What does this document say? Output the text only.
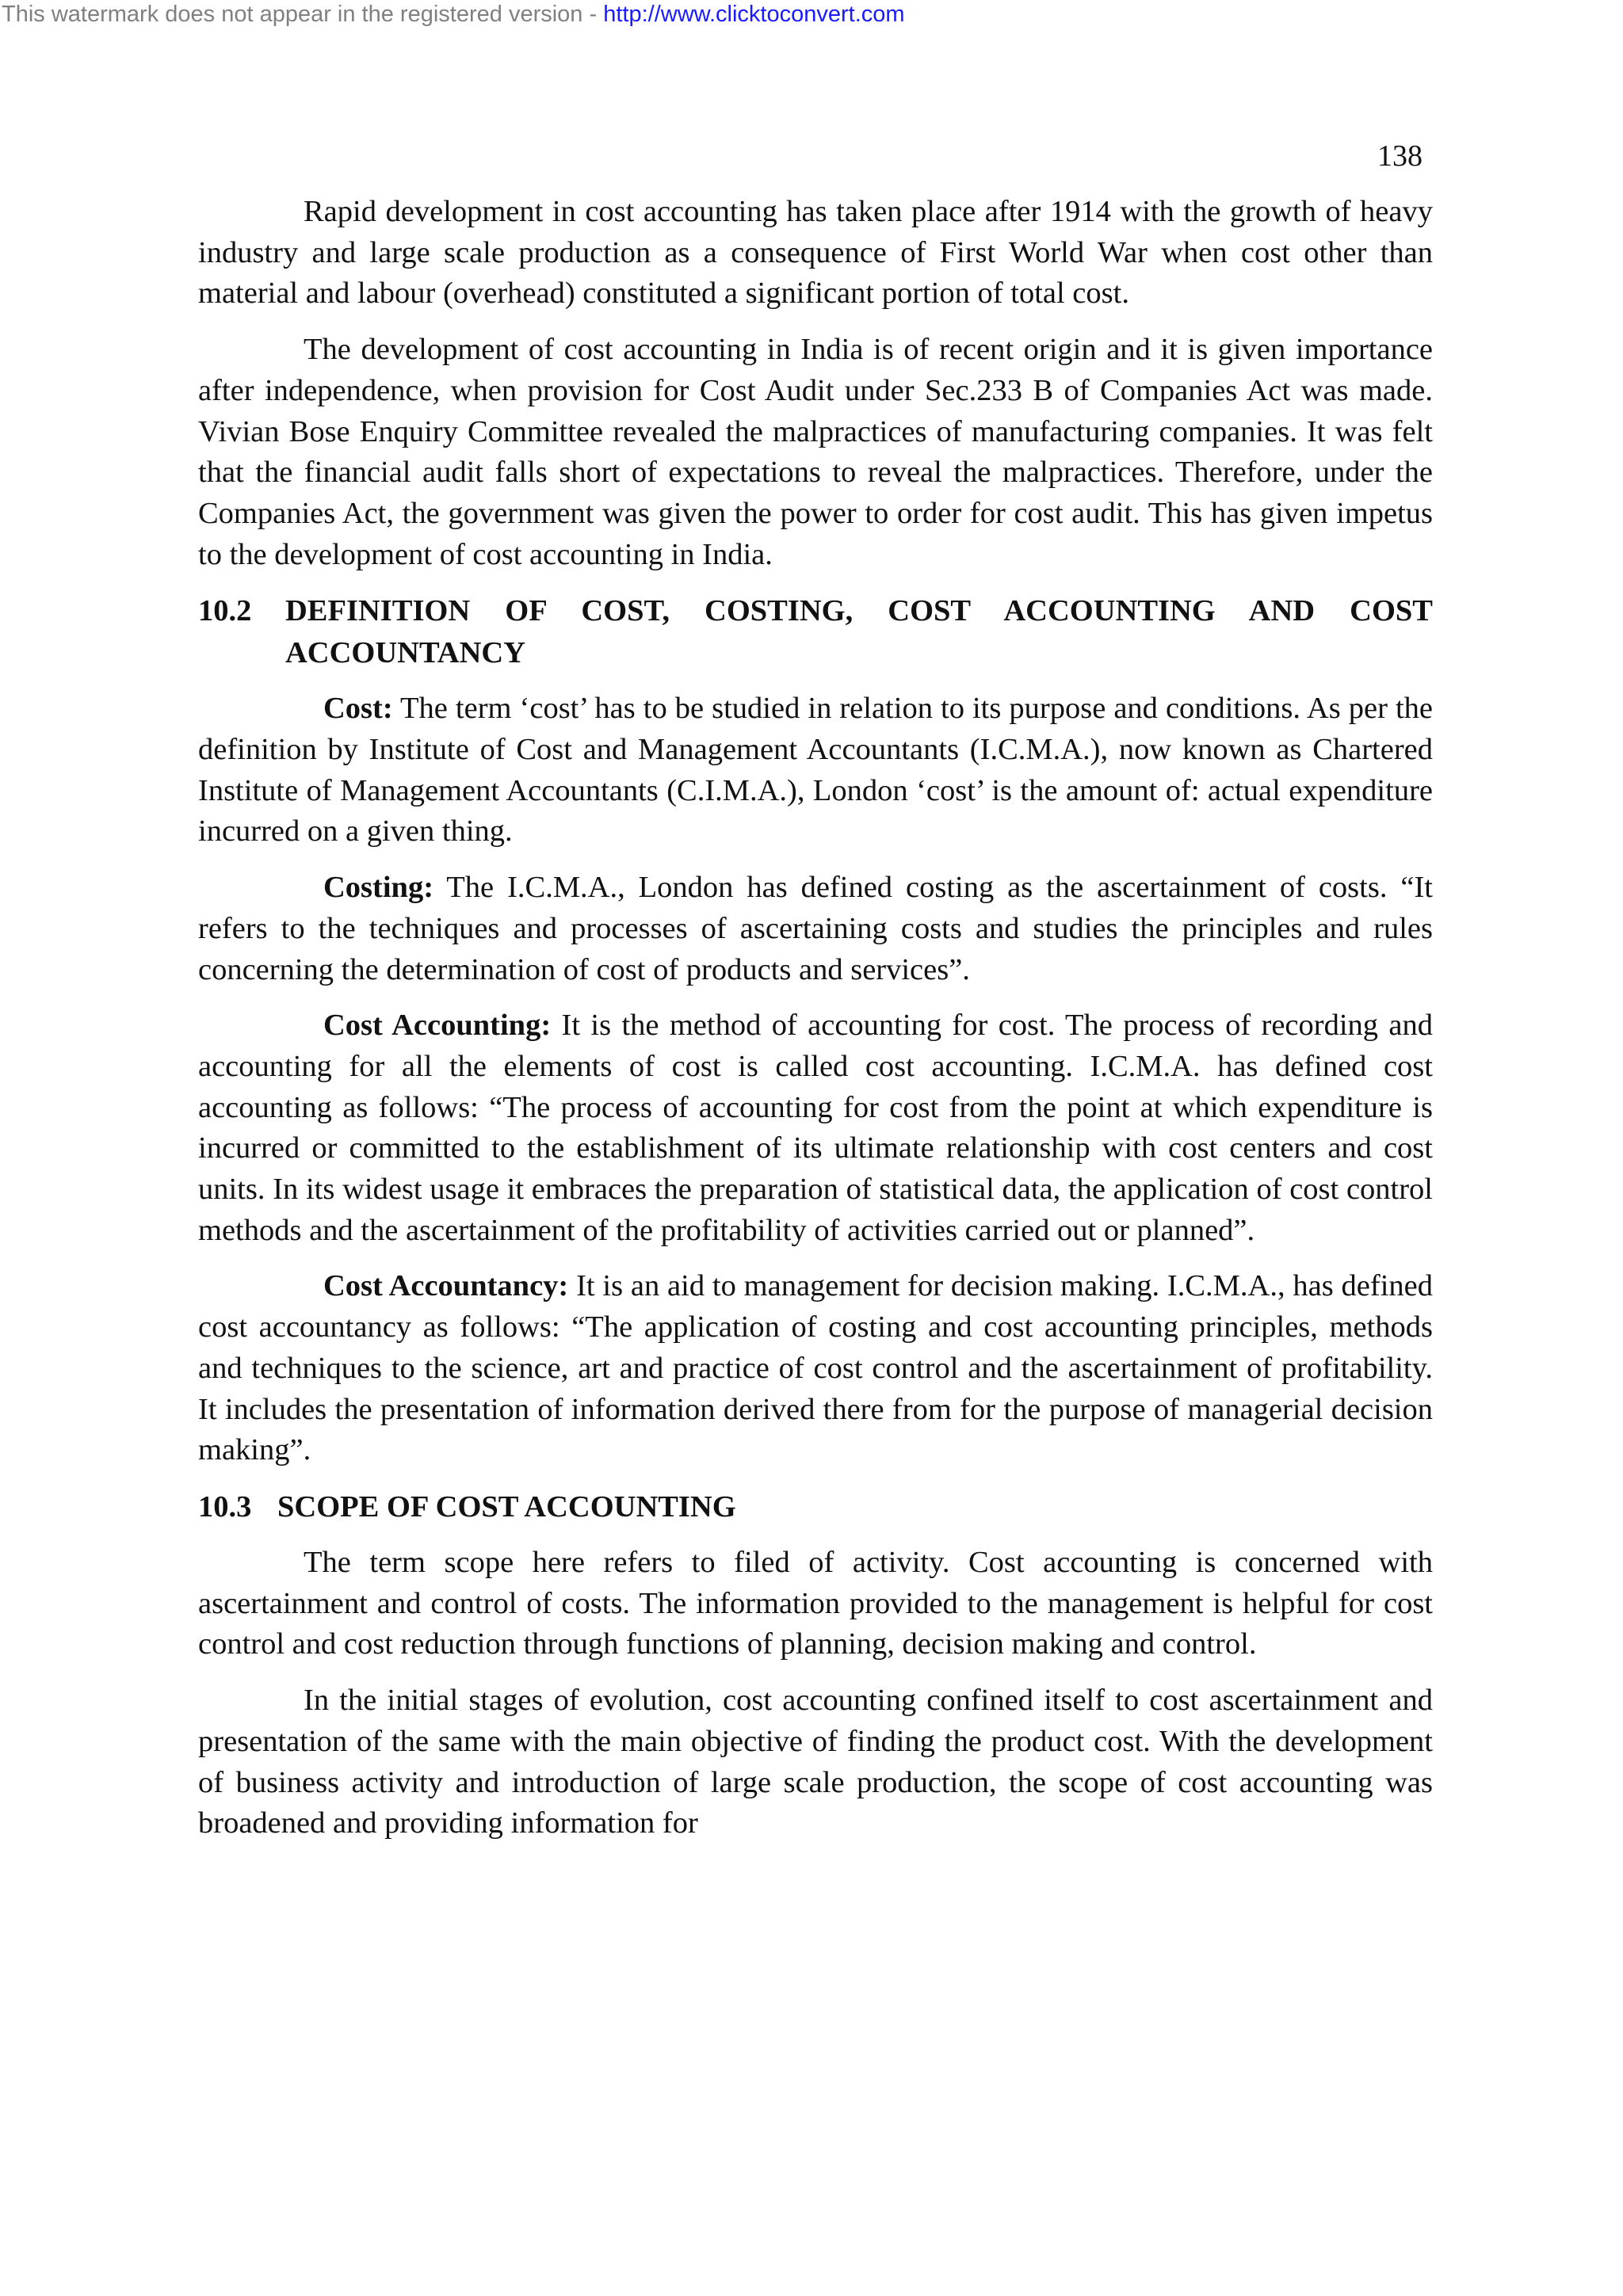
This watermark does not appear in the registered version - http://www.clicktoconvert.com
138

Rapid development in cost accounting has taken place after 1914 with the growth of heavy industry and large scale production as a consequence of First World War when cost other than material and labour (overhead) constituted a significant portion of total cost.

The development of cost accounting in India is of recent origin and it is given importance after independence, when provision for Cost Audit under Sec.233 B of Companies Act was made. Vivian Bose Enquiry Committee revealed the malpractices of manufacturing companies. It was felt that the financial audit falls short of expectations to reveal the malpractices. Therefore, under the Companies Act, the government was given the power to order for cost audit. This has given impetus to the development of cost accounting in India.

10.2	DEFINITION OF COST, COSTING, COST ACCOUNTING AND COST ACCOUNTANCY

Cost: The term ‘cost’ has to be studied in relation to its purpose and conditions. As per the definition by Institute of Cost and Management Accountants (I.C.M.A.), now known as Chartered Institute of Management Accountants (C.I.M.A.), London ‘cost’ is the amount of: actual expenditure incurred on a given thing.

Costing: The I.C.M.A., London has defined costing as the ascertainment of costs. “It refers to the techniques and processes of ascertaining costs and studies the principles and rules concerning the determination of cost of products and services”.

Cost Accounting: It is the method of accounting for cost. The process of recording and accounting for all the elements of cost is called cost accounting. I.C.M.A. has defined cost accounting as follows: “The process of accounting for cost from the point at which expenditure is incurred or committed to the establishment of its ultimate relationship with cost centers and cost units. In its widest usage it embraces the preparation of statistical data, the application of cost control methods and the ascertainment of the profitability of activities carried out or planned”.

Cost Accountancy: It is an aid to management for decision making. I.C.M.A., has defined cost accountancy as follows: “The application of costing and cost accounting principles, methods and techniques to the science, art and practice of cost control and the ascertainment of profitability. It includes the presentation of information derived there from for the purpose of managerial decision making”.

10.3 SCOPE OF COST ACCOUNTING

The term scope here refers to filed of activity. Cost accounting is concerned with ascertainment and control of costs. The information provided to the management is helpful for cost control and cost reduction through functions of planning, decision making and control.

In the initial stages of evolution, cost accounting confined itself to cost ascertainment and presentation of the same with the main objective of finding the product cost. With the development of business activity and introduction of large scale production, the scope of cost accounting was broadened and providing information for
